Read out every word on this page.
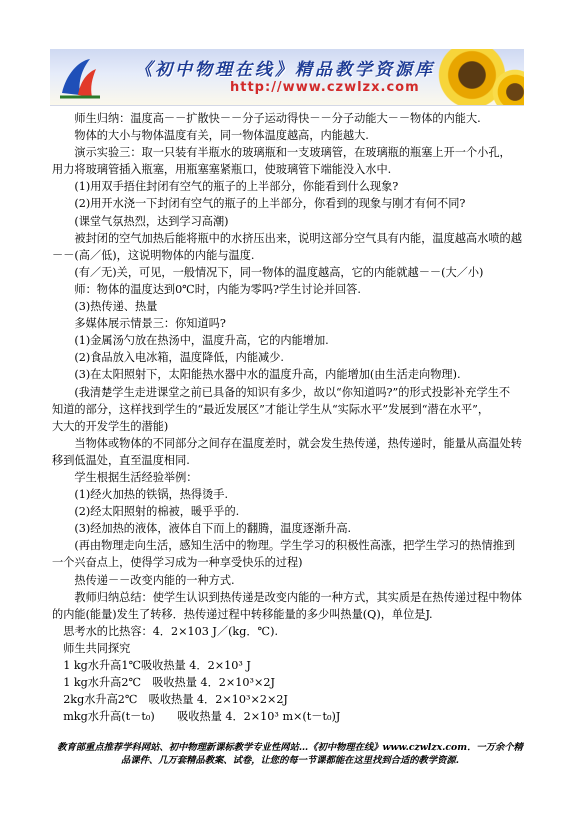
《初中物理在线》精品教学资源库
http://www.czwlzx.com
　　师生归纳：温度高－－扩散快－－分子运动得快－－分子动能大－－物体的内能大.
　　物体的大小与物体温度有关，同一物体温度越高，内能越大.
　　演示实验三：取一只装有半瓶水的玻璃瓶和一支玻璃管，在玻璃瓶的瓶塞上开一个小孔，
用力将玻璃管插入瓶塞，用瓶塞塞紧瓶口，使玻璃管下端能没入水中.
　　(1)用双手捂住封闭有空气的瓶子的上半部分，你能看到什么现象?
　　(2)用开水浇一下封闭有空气的瓶子的上半部分，你看到的现象与刚才有何不同?
　　(课堂气氛热烈，达到学习高潮)
　　被封闭的空气加热后能将瓶中的水挤压出来，说明这部分空气具有内能，温度越高水喷的越
－－(高／低)，这说明物体的内能与温度.
　　(有／无)关，可见，一般情况下，同一物体的温度越高，它的内能就越－－(大／小)
　　师：物体的温度达到0℃时，内能为零吗?学生讨论并回答.
　　(3)热传递、热量
　　多媒体展示情景三：你知道吗?
　　(1)金属汤勺放在热汤中，温度升高，它的内能增加.
　　(2)食品放入电冰箱，温度降低，内能减少.
　　(3)在太阳照射下，太阳能热水器中水的温度升高，内能增加(由生活走向物理).
　　(我清楚学生走进课堂之前已具备的知识有多少，故以“你知道吗?”的形式投影补充学生不
知道的部分，这样找到学生的“最近发展区”才能让学生从“实际水平”发展到“潜在水平”，
大大的开发学生的潜能)
　　当物体或物体的不同部分之间存在温度差时，就会发生热传递，热传递时，能量从高温处转
移到低温处，直至温度相同.
　　学生根据生活经验举例：
　　(1)经火加热的铁锅，热得烫手.
　　(2)经太阳照射的棉被，暖乎乎的.
　　(3)经加热的液体，液体自下而上的翻腾，温度逐渐升高.
　　(再由物理走向生活，感知生活中的物理。学生学习的积极性高涨，把学生学习的热情推到
一个兴奋点上，使得学习成为一种享受快乐的过程)
　　热传递－－改变内能的一种方式.
　　教师归纳总结：使学生认识到热传递是改变内能的一种方式，其实质是在热传递过程中物体
的内能(能量)发生了转移．热传递过程中转移能量的多少叫热量(Q)，单位是J.
　思考水的比热容：4．2×103 J／(kg．℃).
　师生共同探究
　1 kg水升高1℃吸收热量 4．2×10³ J
　1 kg水升高2℃　吸收热量 4．2×10³×2J
　2kg水升高2℃　吸收热量 4．2×10³×2×2J
　mkg水升高(t－t₀)　　吸收热量 4．2×10³ m×(t－t₀)J
教育部重点推荐学科网站、初中物理新课标教学专业性网站…《初中物理在线》www.czwlzx.com．一万余个精
品课件、几万套精品教案、试卷，让您的每一节课都能在这里找到合适的教学资源.
